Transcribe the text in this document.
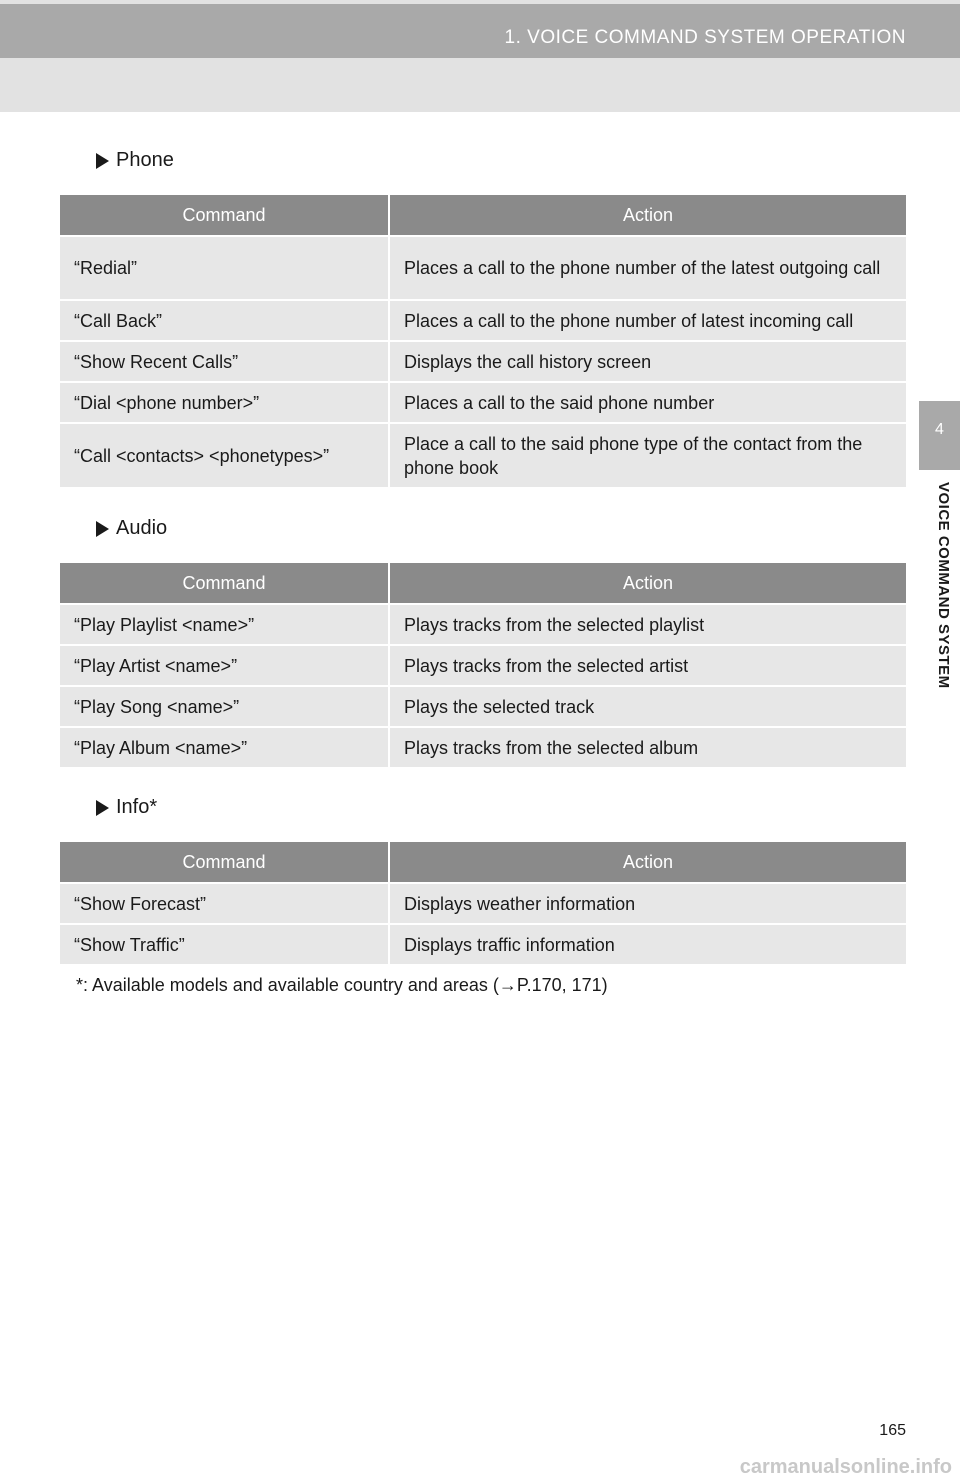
1. VOICE COMMAND SYSTEM OPERATION
4
VOICE COMMAND SYSTEM
Phone
Command	Action
“Redial”	Places a call to the phone number of the latest outgoing call
“Call Back”	Places a call to the phone number of latest incoming call
“Show Recent Calls”	Displays the call history screen
“Dial <phone number>”	Places a call to the said phone number
“Call <contacts> <phonetypes>”	Place a call to the said phone type of the contact from the phone book
Audio
Command	Action
“Play Playlist <name>”	Plays tracks from the selected playlist
“Play Artist <name>”	Plays tracks from the selected artist
“Play Song <name>”	Plays the selected track
“Play Album <name>”	Plays tracks from the selected album
Info*
Command	Action
“Show Forecast”	Displays weather information
“Show Traffic”	Displays traffic information
*: Available models and available country and areas (→P.170, 171)
165
carmanualsonline.info
